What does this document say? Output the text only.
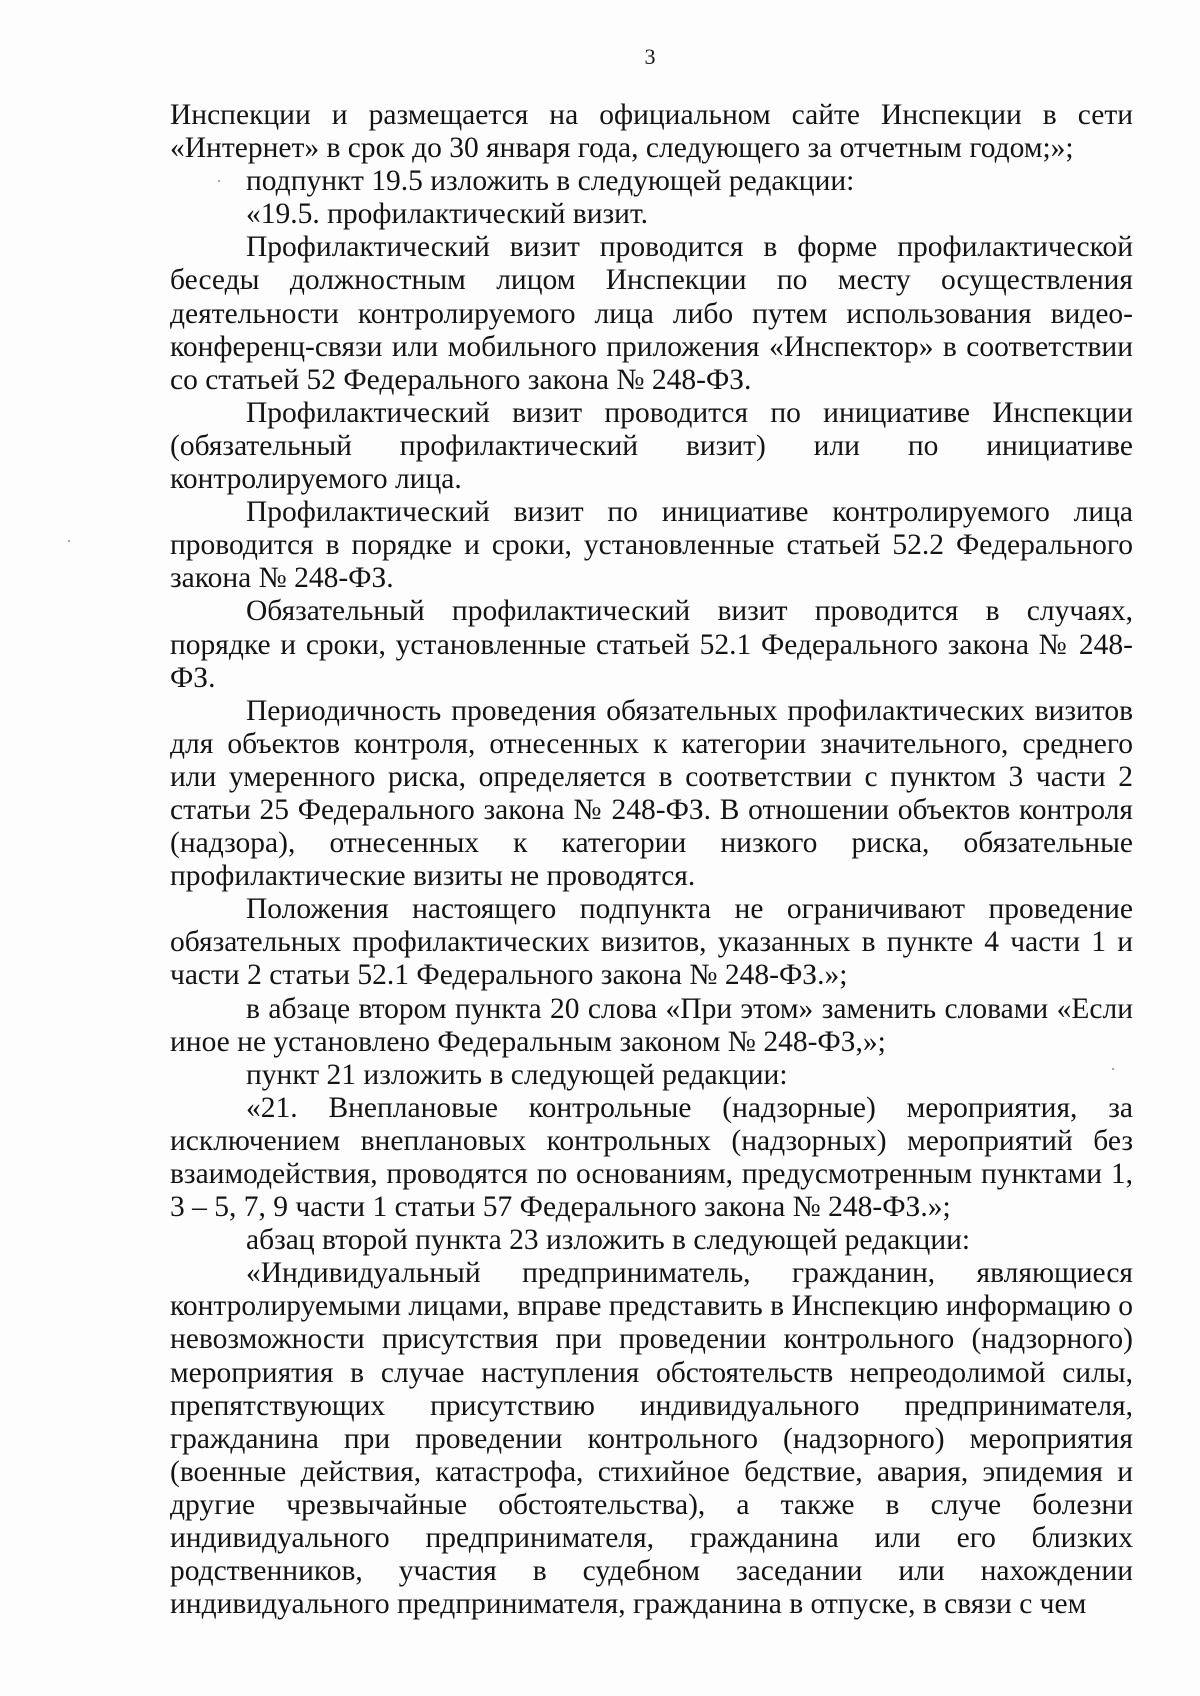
3

Инспекции и размещается на официальном сайте Инспекции в сети «Интернет» в срок до 30 января года, следующего за отчетным годом;»;

подпункт 19.5 изложить в следующей редакции:

«19.5. профилактический визит.

Профилактический визит проводится в форме профилактической беседы должностным лицом Инспекции по месту осуществления деятельности контролируемого лица либо путем использования видео-конференц-связи или мобильного приложения «Инспектор» в соответствии со статьей 52 Федерального закона № 248-ФЗ.

Профилактический визит проводится по инициативе Инспекции (обязательный профилактический визит) или по инициативе контролируемого лица.

Профилактический визит по инициативе контролируемого лица проводится в порядке и сроки, установленные статьей 52.2 Федерального закона № 248-ФЗ.

Обязательный профилактический визит проводится в случаях, порядке и сроки, установленные статьей 52.1 Федерального закона № 248-ФЗ.

Периодичность проведения обязательных профилактических визитов для объектов контроля, отнесенных к категории значительного, среднего или умеренного риска, определяется в соответствии с пунктом 3 части 2 статьи 25 Федерального закона № 248-ФЗ. В отношении объектов контроля (надзора), отнесенных к категории низкого риска, обязательные профилактические визиты не проводятся.

Положения настоящего подпункта не ограничивают проведение обязательных профилактических визитов, указанных в пункте 4 части 1 и части 2 статьи 52.1 Федерального закона № 248-ФЗ.»;

в абзаце втором пункта 20 слова «При этом» заменить словами «Если иное не установлено Федеральным законом № 248-ФЗ,»;

пункт 21 изложить в следующей редакции:

«21. Внеплановые контрольные (надзорные) мероприятия, за исключением внеплановых контрольных (надзорных) мероприятий без взаимодействия, проводятся по основаниям, предусмотренным пунктами 1, 3 – 5, 7, 9 части 1 статьи 57 Федерального закона № 248-ФЗ.»;

абзац второй пункта 23 изложить в следующей редакции:

«Индивидуальный предприниматель, гражданин, являющиеся контролируемыми лицами, вправе представить в Инспекцию информацию о невозможности присутствия при проведении контрольного (надзорного) мероприятия в случае наступления обстоятельств непреодолимой силы, препятствующих присутствию индивидуального предпринимателя, гражданина при проведении контрольного (надзорного) мероприятия (военные действия, катастрофа, стихийное бедствие, авария, эпидемия и другие чрезвычайные обстоятельства), а также в случе болезни индивидуального предпринимателя, гражданина или его близких родственников, участия в судебном заседании или нахождении индивидуального предпринимателя, гражданина в отпуске, в связи с чем
